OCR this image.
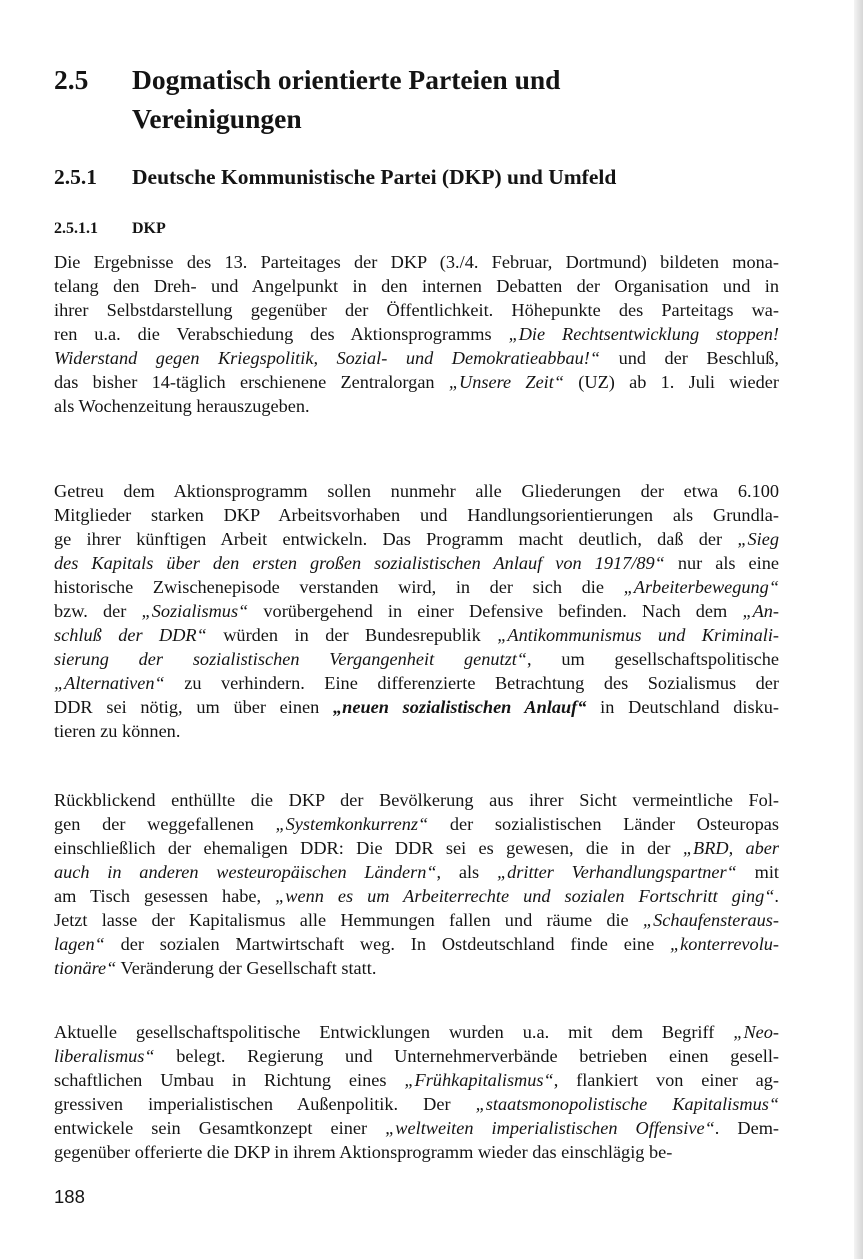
2.5 Dogmatisch orientierte Parteien und
Vereinigungen
2.5.1 Deutsche Kommunistische Partei (DKP) und Umfeld
2.5.1.1 DKP
Die Ergebnisse des 13. Parteitages der DKP (3./4. Februar, Dortmund) bildeten mona-
telang den Dreh- und Angelpunkt in den internen Debatten der Organisation und in
ihrer Selbstdarstellung gegenüber der Öffentlichkeit. Höhepunkte des Parteitags wa-
ren u.a. die Verabschiedung des Aktionsprogramms „Die Rechtsentwicklung stoppen!
Widerstand gegen Kriegspolitik, Sozial- und Demokratieabbau!“ und der Beschluß,
das bisher 14-täglich erschienene Zentralorgan „Unsere Zeit“ (UZ) ab 1. Juli wieder
als Wochenzeitung herauszugeben.
Getreu dem Aktionsprogramm sollen nunmehr alle Gliederungen der etwa 6.100
Mitglieder starken DKP Arbeitsvorhaben und Handlungsorientierungen als Grundla-
ge ihrer künftigen Arbeit entwickeln. Das Programm macht deutlich, daß der „Sieg
des Kapitals über den ersten großen sozialistischen Anlauf von 1917/89“ nur als eine
historische Zwischenepisode verstanden wird, in der sich die „Arbeiterbewegung“
bzw. der „Sozialismus“ vorübergehend in einer Defensive befinden. Nach dem „An-
schluß der DDR“ würden in der Bundesrepublik „Antikommunismus und Kriminali-
sierung der sozialistischen Vergangenheit genutzt“, um gesellschaftspolitische
„Alternativen“ zu verhindern. Eine differenzierte Betrachtung des Sozialismus der
DDR sei nötig, um über einen „neuen sozialistischen Anlauf“ in Deutschland disku-
tieren zu können.
Rückblickend enthüllte die DKP der Bevölkerung aus ihrer Sicht vermeintliche Fol-
gen der weggefallenen „Systemkonkurrenz“ der sozialistischen Länder Osteuropas
einschließlich der ehemaligen DDR: Die DDR sei es gewesen, die in der „BRD, aber
auch in anderen westeuropäischen Ländern“, als „dritter Verhandlungspartner“ mit
am Tisch gesessen habe, „wenn es um Arbeiterrechte und sozialen Fortschritt ging“.
Jetzt lasse der Kapitalismus alle Hemmungen fallen und räume die „Schaufensteraus-
lagen“ der sozialen Martwirtschaft weg. In Ostdeutschland finde eine „konterrevolu-
tionäre“ Veränderung der Gesellschaft statt.
Aktuelle gesellschaftspolitische Entwicklungen wurden u.a. mit dem Begriff „Neo-
liberalismus“ belegt. Regierung und Unternehmerverbände betrieben einen gesell-
schaftlichen Umbau in Richtung eines „Frühkapitalismus“, flankiert von einer ag-
gressiven imperialistischen Außenpolitik. Der „staatsmonopolistische Kapitalismus“
entwickele sein Gesamtkonzept einer „weltweiten imperialistischen Offensive“. Dem-
gegenüber offerierte die DKP in ihrem Aktionsprogramm wieder das einschlägig be-
188
